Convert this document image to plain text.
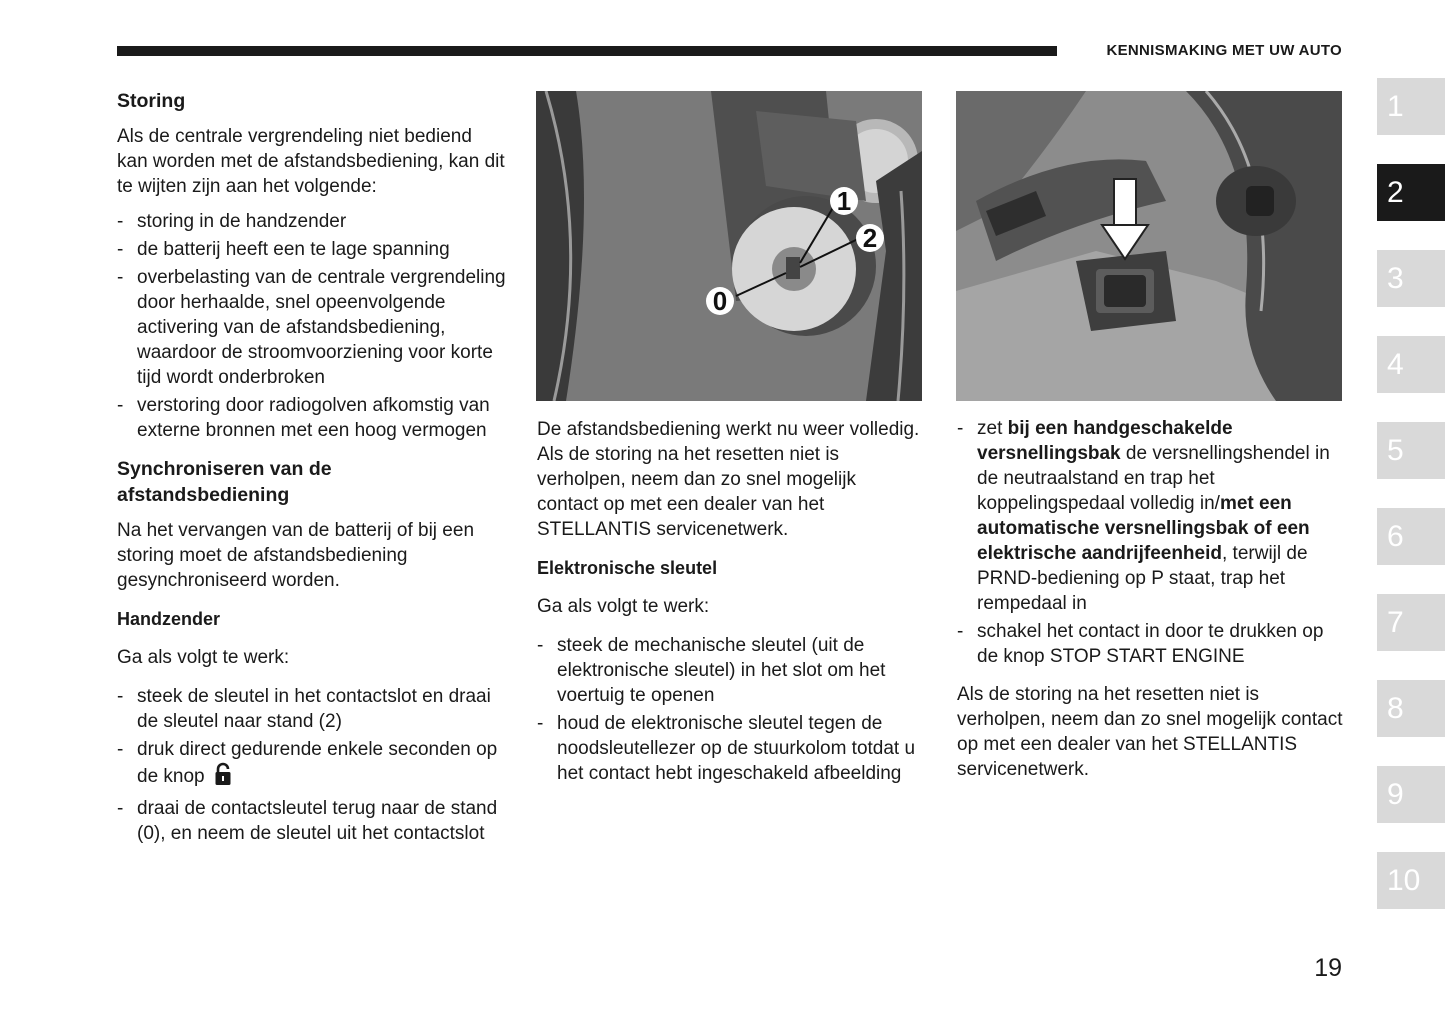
KENNISMAKING MET UW AUTO
Storing

Als de centrale vergrendeling niet bediend kan worden met de afstandsbediening, kan dit te wijten zijn aan het volgende:

- storing in de handzender
- de batterij heeft een te lage spanning
- overbelasting van de centrale vergrendeling door herhaalde, snel opeenvolgende activering van de afstandsbediening, waardoor de stroomvoorziening voor korte tijd wordt onderbroken
- verstoring door radiogolven afkomstig van externe bronnen met een hoog vermogen
Synchroniseren van de afstandsbediening

Na het vervangen van de batterij of bij een storing moet de afstandsbediening gesynchroniseerd worden.

Handzender

Ga als volgt te werk:

- steek de sleutel in het contactslot en draai de sleutel naar stand (2)
- druk direct gedurende enkele seconden op de knop
- draai de contactsleutel terug naar de stand (0), en neem de sleutel uit het contactslot
1
2
0

De afstandsbediening werkt nu weer volledig.

Als de storing na het resetten niet is verholpen, neem dan zo snel mogelijk contact op met een dealer van het STELLANTIS servicenetwerk.

Elektronische sleutel

Ga als volgt te werk:

- steek de mechanische sleutel (uit de elektronische sleutel) in het slot om het voertuig te openen
- houd de elektronische sleutel tegen de noodsleutellezer op de stuurkolom totdat u het contact hebt ingeschakeld afbeelding
- zet bij een handgeschakelde versnellingsbak de versnellingshendel in de neutraalstand en trap het koppelingspedaal volledig in/met een automatische versnellingsbak of een elektrische aandrijfeenheid, terwijl de PRND-bediening op P staat, trap het rempedaal in
- schakel het contact in door te drukken op de knop STOP START ENGINE

Als de storing na het resetten niet is verholpen, neem dan zo snel mogelijk contact op met een dealer van het STELLANTIS servicenetwerk.

1
2
3
4
5
6
7
8
9
10
19
